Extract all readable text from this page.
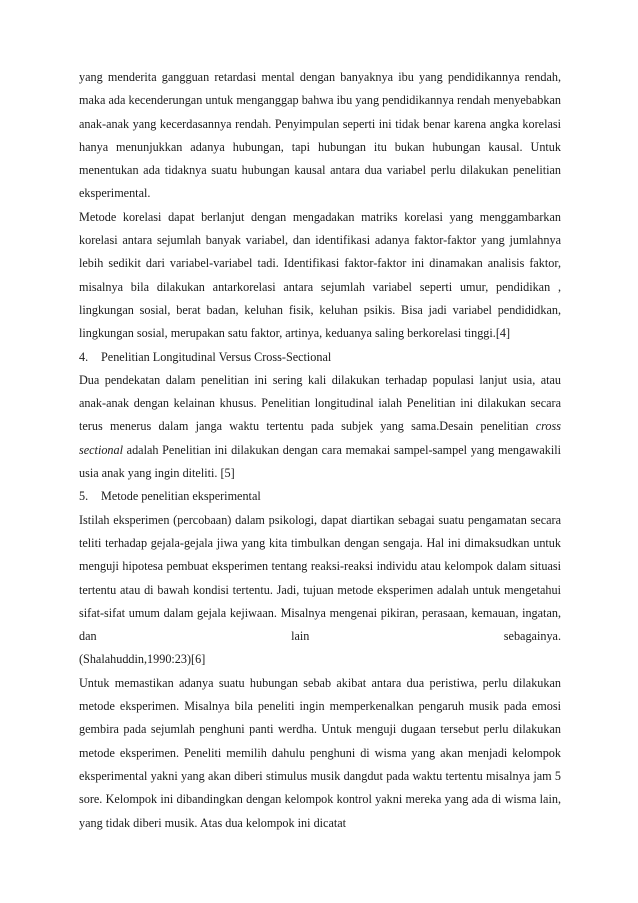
yang menderita gangguan retardasi mental dengan banyaknya ibu yang pendidikannya rendah, maka ada kecenderungan untuk menganggap bahwa ibu yang pendidikannya rendah menyebabkan anak-anak yang kecerdasannya rendah. Penyimpulan seperti ini tidak benar karena angka korelasi hanya menunjukkan adanya hubungan, tapi hubungan itu bukan hubungan kausal. Untuk menentukan ada tidaknya suatu hubungan kausal antara dua variabel perlu dilakukan penelitian eksperimental.

Metode korelasi dapat berlanjut dengan mengadakan matriks korelasi yang menggambarkan korelasi antara sejumlah banyak variabel, dan identifikasi adanya faktor-faktor yang jumlahnya lebih sedikit dari variabel-variabel tadi. Identifikasi faktor-faktor ini dinamakan analisis faktor, misalnya bila dilakukan antarkorelasi antara sejumlah variabel seperti umur, pendidikan , lingkungan sosial, berat badan, keluhan fisik, keluhan psikis. Bisa jadi variabel pendididkan, lingkungan sosial, merupakan satu faktor, artinya, keduanya saling berkorelasi tinggi.[4]

4. Penelitian Longitudinal Versus Cross-Sectional

Dua pendekatan dalam penelitian ini sering kali dilakukan terhadap populasi lanjut usia, atau anak-anak dengan kelainan khusus. Penelitian longitudinal ialah Penelitian ini dilakukan secara terus menerus dalam janga waktu tertentu pada subjek yang sama.Desain penelitian cross sectional adalah Penelitian ini dilakukan dengan cara memakai sampel-sampel yang mengawakili usia anak yang ingin diteliti. [5]

5. Metode penelitian eksperimental

Istilah eksperimen (percobaan) dalam psikologi, dapat diartikan sebagai suatu pengamatan secara teliti terhadap gejala-gejala jiwa yang kita timbulkan dengan sengaja. Hal ini dimaksudkan untuk menguji hipotesa pembuat eksperimen tentang reaksi-reaksi individu atau kelompok dalam situasi tertentu atau di bawah kondisi tertentu. Jadi, tujuan metode eksperimen adalah untuk mengetahui sifat-sifat umum dalam gejala kejiwaan. Misalnya mengenai pikiran, perasaan, kemauan, ingatan, dan lain sebagainya.

(Shalahuddin,1990:23)[6]

Untuk memastikan adanya suatu hubungan sebab akibat antara dua peristiwa, perlu dilakukan metode eksperimen. Misalnya bila peneliti ingin memperkenalkan pengaruh musik pada emosi gembira pada sejumlah penghuni panti werdha. Untuk menguji dugaan tersebut perlu dilakukan metode eksperimen. Peneliti memilih dahulu penghuni di wisma yang akan menjadi kelompok eksperimental yakni yang akan diberi stimulus musik dangdut pada waktu tertentu misalnya jam 5 sore. Kelompok ini dibandingkan dengan kelompok kontrol yakni mereka yang ada di wisma lain, yang tidak diberi musik. Atas dua kelompok ini dicatat
